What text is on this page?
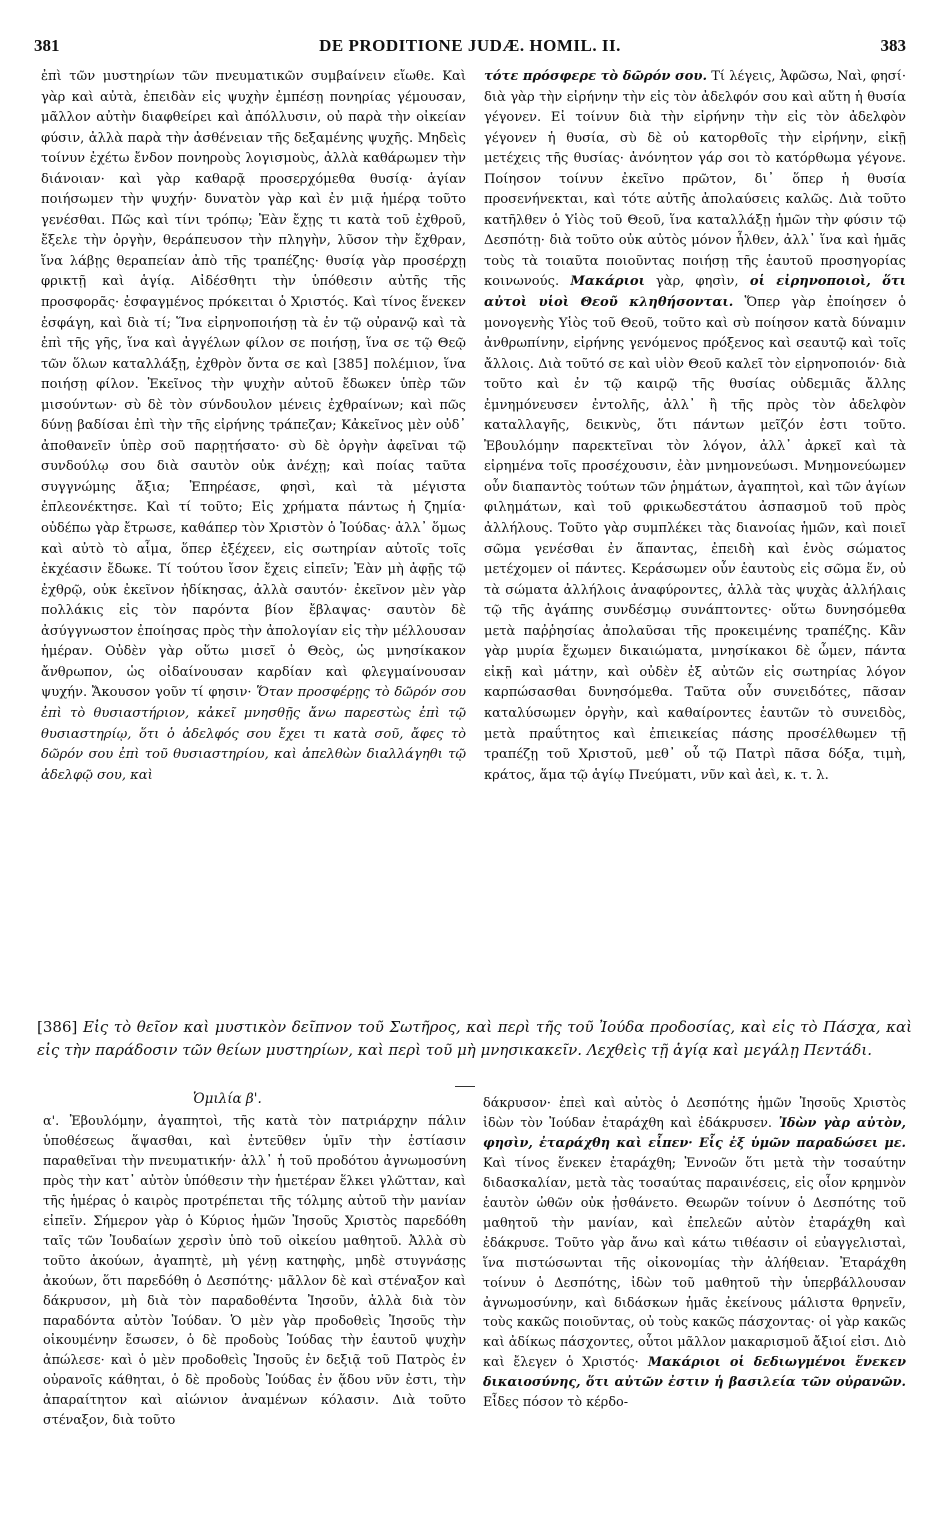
381	DE PRODITIONE JUDÆ. HOMIL. II.	383

ἐπὶ τῶν μυστηρίων τῶν πνευματικῶν συμβαίνειν εἴωθε. Καὶ γὰρ καὶ αὐτὰ, ἐπειδὰν εἰς ψυχὴν ἐμπέσῃ πονηρίας γέμουσαν, μᾶλλον αὐτὴν διαφθείρει καὶ ἀπόλλυσιν, οὐ παρὰ τὴν οἰκείαν φύσιν, ἀλλὰ παρὰ τὴν ἀσθένειαν τῆς δεξαμένης ψυχῆς. Μηδεὶς τοίνυν ἐχέτω ἔνδον πονηροὺς λογισμοὺς, ἀλλὰ καθάρωμεν τὴν διάνοιαν· καὶ γὰρ καθαρᾷ προσερχόμεθα θυσίᾳ· ἁγίαν ποιήσωμεν τὴν ψυχήν· δυνατὸν γὰρ καὶ ἐν μιᾷ ἡμέρᾳ τοῦτο γενέσθαι. Πῶς καὶ τίνι τρόπῳ; Ἐὰν ἔχῃς τι κατὰ τοῦ ἐχθροῦ, ἔξελε τὴν ὀργὴν, θεράπευσον τὴν πληγὴν, λῦσον τὴν ἔχθραν, ἵνα λάβῃς θεραπείαν ἀπὸ τῆς τραπέζης· θυσίᾳ γὰρ προσέρχῃ φρικτῇ καὶ ἁγίᾳ. Αἰδέσθητι τὴν ὑπόθεσιν αὐτῆς τῆς προσφορᾶς· ἐσφαγμένος πρόκειται ὁ Χριστός. Καὶ τίνος ἕνεκεν ἐσφάγη, καὶ διὰ τί; Ἵνα εἰρηνοποιήσῃ τὰ ἐν τῷ οὐρανῷ καὶ τὰ ἐπὶ τῆς γῆς, ἵνα καὶ ἀγγέλων φίλον σε ποιήσῃ, ἵνα σε τῷ Θεῷ τῶν ὅλων καταλλάξῃ, ἐχθρὸν ὄντα σε καὶ [385] πολέμιον, ἵνα ποιήσῃ φίλον. Ἐκεῖνος τὴν ψυχὴν αὐτοῦ ἔδωκεν ὑπὲρ τῶν μισούντων· σὺ δὲ τὸν σύνδουλον μένεις ἐχθραίνων; καὶ πῶς δύνῃ βαδίσαι ἐπὶ τὴν τῆς εἰρήνης τράπεζαν; Κἀκεῖνος μὲν οὐδ᾽ ἀποθανεῖν ὑπὲρ σοῦ παρῃτήσατο· σὺ δὲ ὀργὴν ἀφεῖναι τῷ συνδούλῳ σου διὰ σαυτὸν οὐκ ἀνέχῃ; καὶ ποίας ταῦτα συγγνώμης ἄξια; Ἐπηρέασε, φησὶ, καὶ τὰ μέγιστα ἐπλεονέκτησε. Καὶ τί τοῦτο; Εἰς χρήματα πάντως ἡ ζημία· οὐδέπω γὰρ ἔτρωσε, καθάπερ τὸν Χριστὸν ὁ Ἰούδας· ἀλλ᾽ ὅμως καὶ αὐτὸ τὸ αἷμα, ὅπερ ἐξέχεεν, εἰς σωτηρίαν αὐτοῖς τοῖς ἐκχέασιν ἔδωκε. Τί τούτου ἴσον ἔχεις εἰπεῖν; Ἐὰν μὴ ἀφῇς τῷ ἐχθρῷ, οὐκ ἐκεῖνον ἠδίκησας, ἀλλὰ σαυτόν· ἐκεῖνον μὲν γὰρ πολλάκις εἰς τὸν παρόντα βίον ἔβλαψας· σαυτὸν δὲ ἀσύγγνωστον ἐποίησας πρὸς τὴν ἀπολογίαν εἰς τὴν μέλλουσαν ἡμέραν. Οὐδὲν γὰρ οὕτω μισεῖ ὁ Θεὸς, ὡς μνησίκακον ἄνθρωπον, ὡς οἰδαίνουσαν καρδίαν καὶ φλεγμαίνουσαν ψυχήν. Ἄκουσον γοῦν τί φησιν· Ὅταν προσφέρῃς τὸ δῶρόν σου ἐπὶ τὸ θυσιαστήριον, κἀκεῖ μνησθῇς ἄνω παρεστὼς ἐπὶ τῷ θυσιαστηρίῳ, ὅτι ὁ ἀδελφός σου ἔχει τι κατὰ σοῦ, ἄφες τὸ δῶρόν σου ἐπὶ τοῦ θυσιαστηρίου, καὶ ἀπελθὼν διαλλάγηθι τῷ ἀδελφῷ σου, καὶ

τότε πρόσφερε τὸ δῶρόν σου. Τί λέγεις, Ἀφῶσω, Ναὶ, φησί· διὰ γὰρ τὴν εἰρήνην τὴν εἰς τὸν ἀδελφόν σου καὶ αὕτη ἡ θυσία γέγονεν. Εἰ τοίνυν διὰ τὴν εἰρήνην τὴν εἰς τὸν ἀδελφὸν γέγονεν ἡ θυσία, σὺ δὲ οὐ κατορθοῖς τὴν εἰρήνην, εἰκῇ μετέχεις τῆς θυσίας· ἀνόνητον γάρ σοι τὸ κατόρθωμα γέγονε. Ποίησον τοίνυν ἐκεῖνο πρῶτον, δι᾽ ὅπερ ἡ θυσία προσενήνεκται, καὶ τότε αὐτῆς ἀπολαύσεις καλῶς. Διὰ τοῦτο κατῆλθεν ὁ Υἱὸς τοῦ Θεοῦ, ἵνα καταλλάξῃ ἡμῶν τὴν φύσιν τῷ Δεσπότῃ· διὰ τοῦτο οὐκ αὐτὸς μόνον ἦλθεν, ἀλλ᾽ ἵνα καὶ ἡμᾶς τοὺς τὰ τοιαῦτα ποιοῦντας ποιήσῃ τῆς ἑαυτοῦ προσηγορίας κοινωνούς. Μακάριοι γὰρ, φησὶν, οἱ εἰρηνοποιοὶ, ὅτι αὐτοὶ υἱοὶ Θεοῦ κληθήσονται. Ὅπερ γὰρ ἐποίησεν ὁ μονογενὴς Υἱὸς τοῦ Θεοῦ, τοῦτο καὶ σὺ ποίησον κατὰ δύναμιν ἀνθρωπίνην, εἰρήνης γενόμενος πρόξενος καὶ σεαυτῷ καὶ τοῖς ἄλλοις. Διὰ τοῦτό σε καὶ υἱὸν Θεοῦ καλεῖ τὸν εἰρηνοποιόν· διὰ τοῦτο καὶ ἐν τῷ καιρῷ τῆς θυσίας οὐδεμιᾶς ἄλλης ἐμνημόνευσεν ἐντολῆς, ἀλλ᾽ ἢ τῆς πρὸς τὸν ἀδελφὸν καταλλαγῆς, δεικνὺς, ὅτι πάντων μεῖζόν ἐστι τοῦτο. Ἐβουλόμην παρεκτεῖναι τὸν λόγον, ἀλλ᾽ ἀρκεῖ καὶ τὰ εἰρημένα τοῖς προσέχουσιν, ἐὰν μνημονεύωσι. Μνημονεύωμεν οὖν διαπαντὸς τούτων τῶν ῥημάτων, ἀγαπητοὶ, καὶ τῶν ἁγίων φιλημάτων, καὶ τοῦ φρικωδεστάτου ἀσπασμοῦ τοῦ πρὸς ἀλλήλους. Τοῦτο γὰρ συμπλέκει τὰς διανοίας ἡμῶν, καὶ ποιεῖ σῶμα γενέσθαι ἐν ἅπαντας, ἐπειδὴ καὶ ἑνὸς σώματος μετέχομεν οἱ πάντες. Κεράσωμεν οὖν ἑαυτοὺς εἰς σῶμα ἕν, οὐ τὰ σώματα ἀλλήλοις ἀναφύροντες, ἀλλὰ τὰς ψυχὰς ἀλλήλαις τῷ τῆς ἀγάπης συνδέσμῳ συνάπτοντες· οὕτω δυνησόμεθα μετὰ παῤῥησίας ἀπολαῦσαι τῆς προκειμένης τραπέζης. Κἂν γὰρ μυρία ἔχωμεν δικαιώματα, μνησίκακοι δὲ ὦμεν, πάντα εἰκῇ καὶ μάτην, καὶ οὐδὲν ἐξ αὐτῶν εἰς σωτηρίας λόγον καρπώσασθαι δυνησόμεθα. Ταῦτα οὖν συνειδότες, πᾶσαν καταλύσωμεν ὀργὴν, καὶ καθαίροντες ἑαυτῶν τὸ συνειδὸς, μετὰ πραΰτητος καὶ ἐπιεικείας πάσης προσέλθωμεν τῇ τραπέζῃ τοῦ Χριστοῦ, μεθ᾽ οὗ τῷ Πατρὶ πᾶσα δόξα, τιμὴ, κράτος, ἅμα τῷ ἁγίῳ Πνεύματι, νῦν καὶ ἀεὶ, κ. τ. λ.

[386] Εἰς τὸ θεῖον καὶ μυστικὸν δεῖπνον τοῦ Σωτῆρος, καὶ περὶ τῆς τοῦ Ἰούδα προδοσίας, καὶ εἰς τὸ Πάσχα, καὶ εἰς τὴν παράδοσιν τῶν θείων μυστηρίων, καὶ περὶ τοῦ μὴ μνησικακεῖν. Λεχθεὶς τῇ ἁγίᾳ καὶ μεγάλῃ Πεντάδι.
Ὁμιλία β'.

α'. Ἐβουλόμην, ἀγαπητοὶ, τῆς κατὰ τὸν πατριάρχην πάλιν ὑποθέσεως ἅψασθαι, καὶ ἐντεῦθεν ὑμῖν τὴν ἑστίασιν παραθεῖναι τὴν πνευματικήν· ἀλλ᾽ ἡ τοῦ προδότου ἀγνωμοσύνη πρὸς τὴν κατ᾽ αὐτὸν ὑπόθεσιν τὴν ἡμετέραν ἕλκει γλῶτταν, καὶ τῆς ἡμέρας ὁ καιρὸς προτρέπεται τῆς τόλμης αὐτοῦ τὴν μανίαν εἰπεῖν. Σήμερον γὰρ ὁ Κύριος ἡμῶν Ἰησοῦς Χριστὸς παρεδόθη ταῖς τῶν Ἰουδαίων χερσὶν ὑπὸ τοῦ οἰκείου μαθητοῦ. Ἀλλὰ σὺ τοῦτο ἀκούων, ἀγαπητὲ, μὴ γένῃ κατηφὴς, μηδὲ στυγνάσῃς ἀκούων, ὅτι παρεδόθη ὁ Δεσπότης· μᾶλλον δὲ καὶ στέναξον καὶ δάκρυσον, μὴ διὰ τὸν παραδοθέντα Ἰησοῦν, ἀλλὰ διὰ τὸν παραδόντα αὐτὸν Ἰούδαν. Ὁ μὲν γὰρ προδοθεὶς Ἰησοῦς τὴν οἰκουμένην ἔσωσεν, ὁ δὲ προδοὺς Ἰούδας τὴν ἑαυτοῦ ψυχὴν ἀπώλεσε· καὶ ὁ μὲν προδοθεὶς Ἰησοῦς ἐν δεξιᾷ τοῦ Πατρὸς ἐν οὐρανοῖς κάθηται, ὁ δὲ προδοὺς Ἰούδας ἐν ᾅδου νῦν ἐστι, τὴν ἀπαραίτητον καὶ αἰώνιον ἀναμένων κόλασιν. Διὰ τοῦτο στέναξον, διὰ τοῦτο

δάκρυσον· ἐπεὶ καὶ αὐτὸς ὁ Δεσπότης ἡμῶν Ἰησοῦς Χριστὸς ἰδὼν τὸν Ἰούδαν ἐταράχθη καὶ ἐδάκρυσεν. Ἰδὼν γὰρ αὐτὸν, φησὶν, ἐταράχθη καὶ εἶπεν· Εἷς ἐξ ὑμῶν παραδώσει με. Καὶ τίνος ἕνεκεν ἐταράχθη; Ἐννοῶν ὅτι μετὰ τὴν τοσαύτην διδασκαλίαν, μετὰ τὰς τοσαύτας παραινέσεις, εἰς οἷον κρημνὸν ἑαυτὸν ὠθῶν οὐκ ᾐσθάνετο. Θεωρῶν τοίνυν ὁ Δεσπότης τοῦ μαθητοῦ τὴν μανίαν, καὶ ἐπελεῶν αὐτὸν ἐταράχθη καὶ ἐδάκρυσε. Τοῦτο γὰρ ἄνω καὶ κάτω τιθέασιν οἱ εὐαγγελισταὶ, ἵνα πιστώσωνται τῆς οἰκονομίας τὴν ἀλήθειαν. Ἐταράχθη τοίνυν ὁ Δεσπότης, ἰδὼν τοῦ μαθητοῦ τὴν ὑπερβάλλουσαν ἀγνωμοσύνην, καὶ διδάσκων ἡμᾶς ἐκείνους μάλιστα θρηνεῖν, τοὺς κακῶς ποιοῦντας, οὐ τοὺς κακῶς πάσχοντας· οἱ γὰρ κακῶς καὶ ἀδίκως πάσχοντες, οὗτοι μᾶλλον μακαρισμοῦ ἄξιοί εἰσι. Διὸ καὶ ἔλεγεν ὁ Χριστός· Μακάριοι οἱ δεδιωγμένοι ἕνεκεν δικαιοσύνης, ὅτι αὐτῶν ἐστιν ἡ βασιλεία τῶν οὐρανῶν. Εἶδες πόσον τὸ κέρδο-
